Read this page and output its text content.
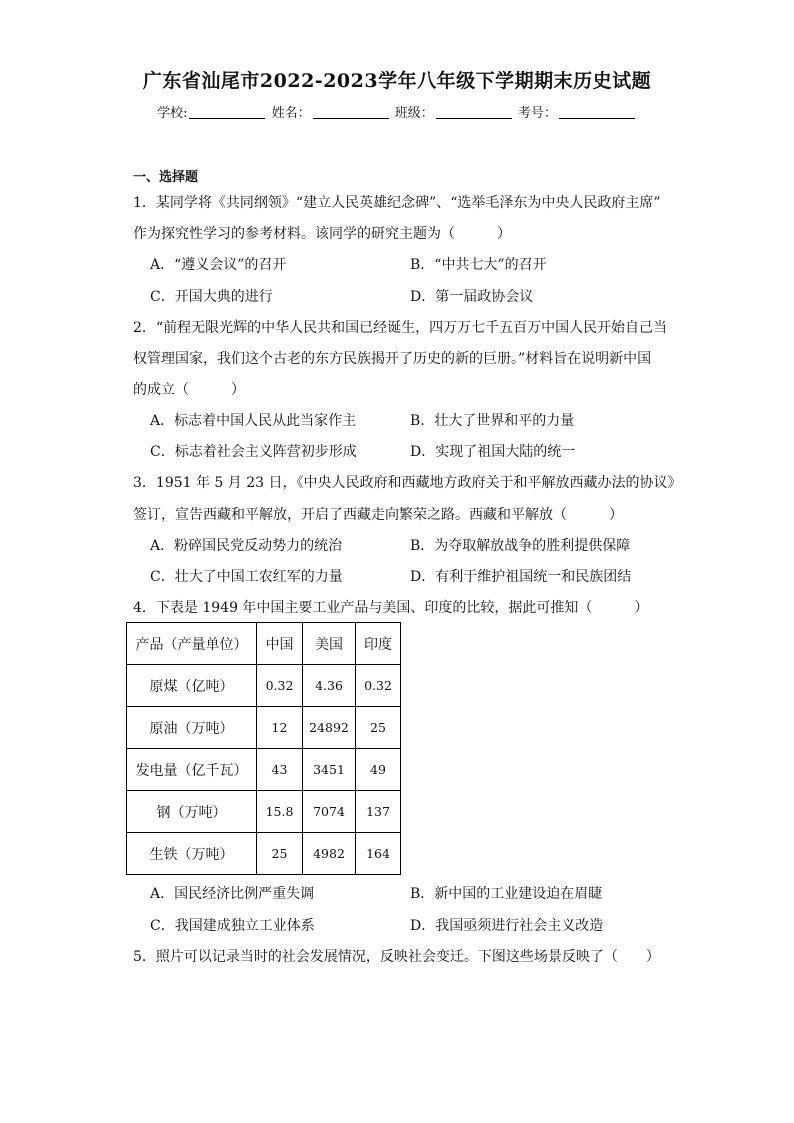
广东省汕尾市2022-2023学年八年级下学期期末历史试题
学校:	姓名：	班级：	考号：
一、选择题
1．某同学将《共同纲领》“建立人民英雄纪念碑”、“选举毛泽东为中央人民政府主席”
作为探究性学习的参考材料。该同学的研究主题为（　　　）
A．“遵义会议”的召开	B．“中共七大”的召开
C．开国大典的进行	D．第一届政协会议
2．“前程无限光辉的中华人民共和国已经诞生，四万万七千五百万中国人民开始自己当
权管理国家，我们这个古老的东方民族揭开了历史的新的巨册。”材料旨在说明新中国
的成立（　　　）
A．标志着中国人民从此当家作主	B．壮大了世界和平的力量
C．标志着社会主义阵营初步形成	D．实现了祖国大陆的统一
3．1951 年 5 月 23 日，《中央人民政府和西藏地方政府关于和平解放西藏办法的协议》
签订，宣告西藏和平解放，开启了西藏走向繁荣之路。西藏和平解放（　　　）
A．粉碎国民党反动势力的统治	B．为夺取解放战争的胜利提供保障
C．壮大了中国工农红军的力量	D．有利于维护祖国统一和民族团结
4．下表是 1949 年中国主要工业产品与美国、印度的比较，据此可推知（　　　）
产品（产量单位）	中国	美国	印度
原煤（亿吨）	0.32	4.36	0.32
原油（万吨）	12	24892	25
发电量（亿千瓦）	43	3451	49
钢（万吨）	15.8	7074	137
生铁（万吨）	25	4982	164
A．国民经济比例严重失调	B．新中国的工业建设迫在眉睫
C．我国建成独立工业体系	D．我国亟须进行社会主义改造
5．照片可以记录当时的社会发展情况，反映社会变迁。下图这些场景反映了（　　）
